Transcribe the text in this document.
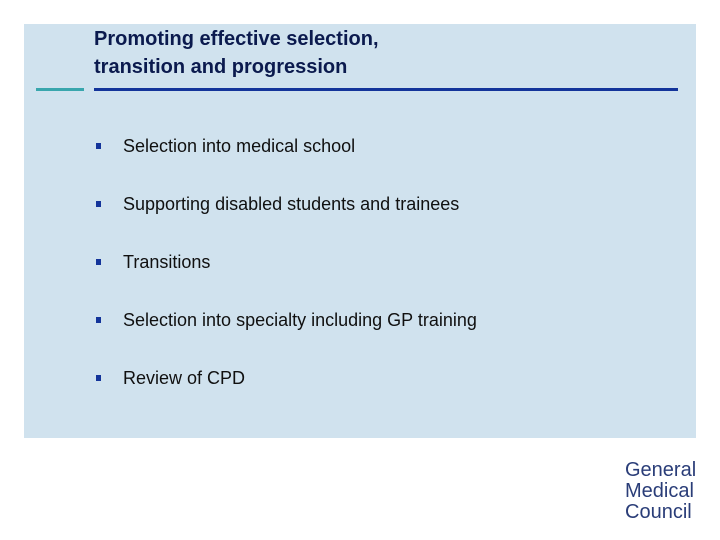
Promoting effective selection,
transition and progression
Selection into medical school
Supporting disabled students and trainees
Transitions
Selection into specialty including GP training
Review of CPD
General
Medical
Council
